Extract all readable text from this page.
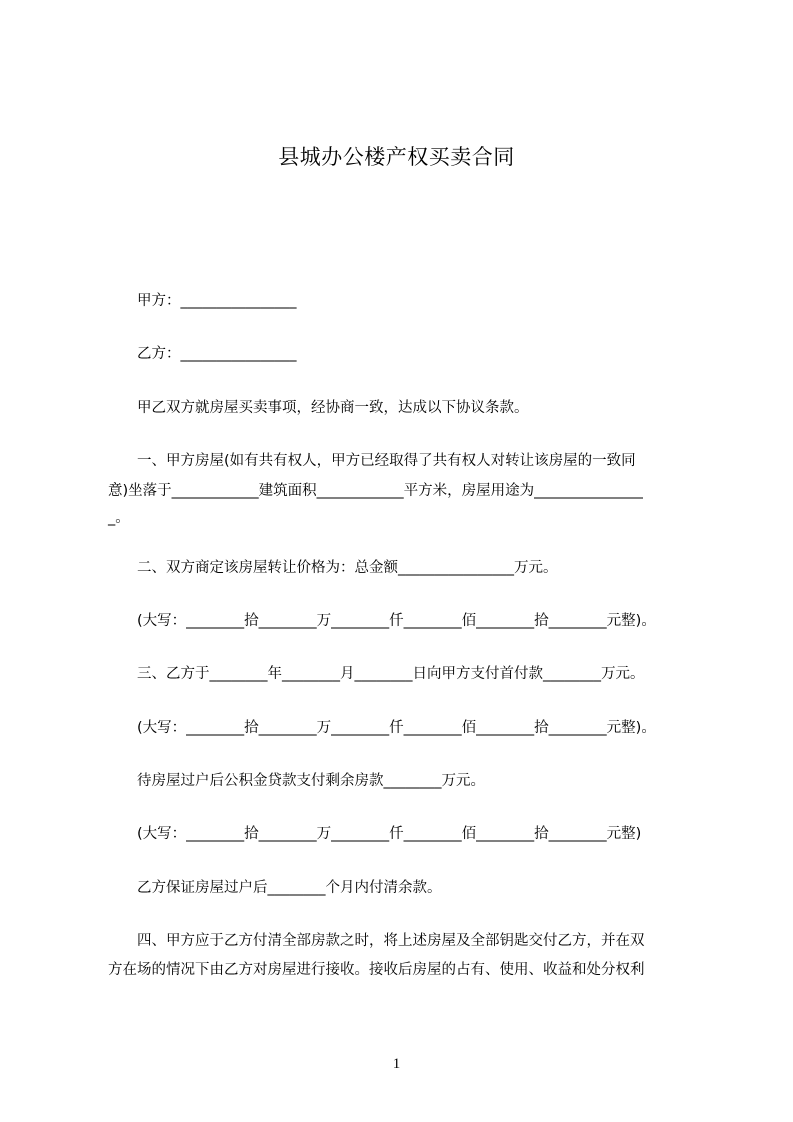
县城办公楼产权买卖合同
甲方：________________
乙方：________________
甲乙双方就房屋买卖事项，经协商一致，达成以下协议条款。
一、甲方房屋(如有共有权人，甲方已经取得了共有权人对转让该房屋的一致同
意)坐落于____________建筑面积____________平方米，房屋用途为_______________
_。
二、双方商定该房屋转让价格为：总金额________________万元。
(大写：________拾________万________仟________佰________拾________元整)。
三、乙方于________年________月________日向甲方支付首付款________万元。
(大写：________拾________万________仟________佰________拾________元整)。
待房屋过户后公积金贷款支付剩余房款________万元。
(大写：________拾________万________仟________佰________拾________元整)
乙方保证房屋过户后________个月内付清余款。
四、甲方应于乙方付清全部房款之时，将上述房屋及全部钥匙交付乙方，并在双
方在场的情况下由乙方对房屋进行接收。接收后房屋的占有、使用、收益和处分权利
1
